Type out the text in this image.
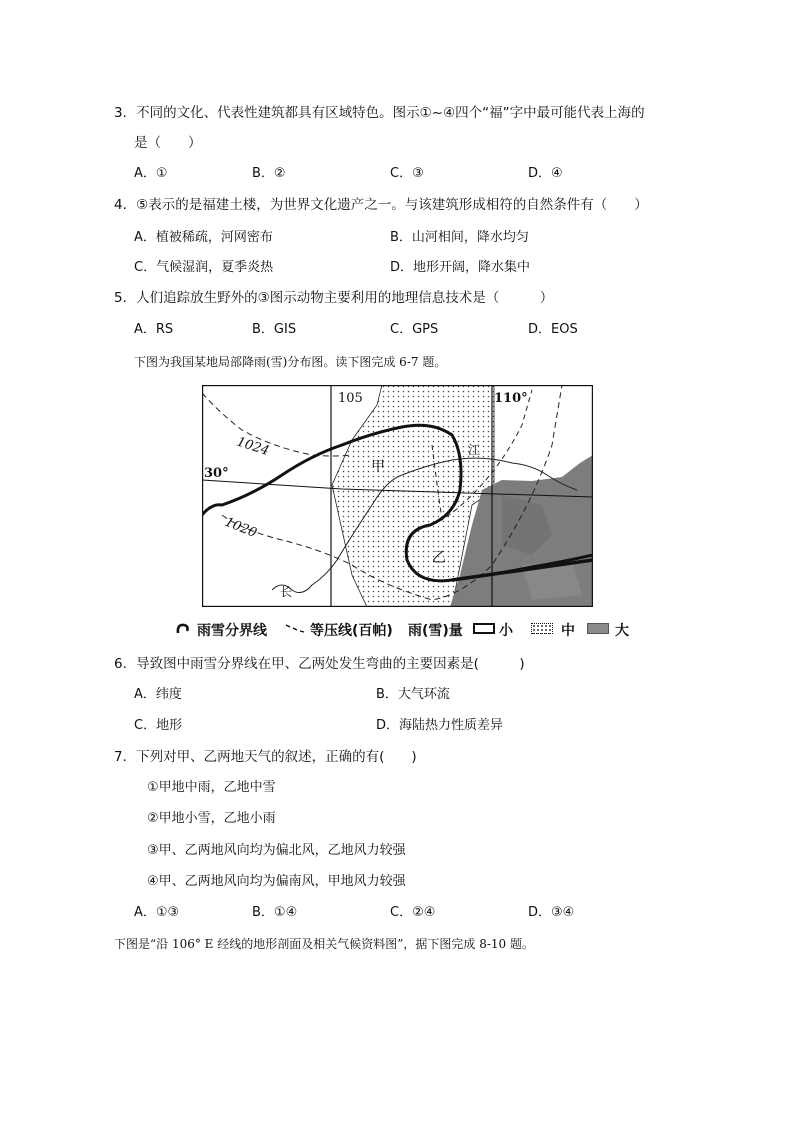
3．不同的文化、代表性建筑都具有区域特色。图示①~④四个“福”字中最可能代表上海的
是（　　）
A．①	B．②	C．③	D．④
4．⑤表示的是福建土楼，为世界文化遗产之一。与该建筑形成相符的自然条件有（　　）
A．植被稀疏，河网密布	B．山河相间，降水均匀
C．气候湿润，夏季炎热	D．地形开阔，降水集中
5．人们追踪放生野外的③图示动物主要利用的地理信息技术是（　　　）
A．RS	B．GIS	C．GPS	D．EOS
下图为我国某地局部降雨(雪)分布图。读下图完成 6-7 题。
105	110°
30°
1024
1020
甲
乙
江
长
雨雪分界线	等压线(百帕) 雨(雪)量	小	中	大
6．导致图中雨雪分界线在甲、乙两处发生弯曲的主要因素是(　　　)
A．纬度	B．大气环流
C．地形	D．海陆热力性质差异
7．下列对甲、乙两地天气的叙述，正确的有(　　)
①甲地中雨，乙地中雪
②甲地小雪，乙地小雨
③甲、乙两地风向均为偏北风，乙地风力较强
④甲、乙两地风向均为偏南风，甲地风力较强
A．①③	B．①④	C．②④	D．③④
下图是“沿 106° E 经线的地形剖面及相关气候资料图”，据下图完成 8-10 题。
